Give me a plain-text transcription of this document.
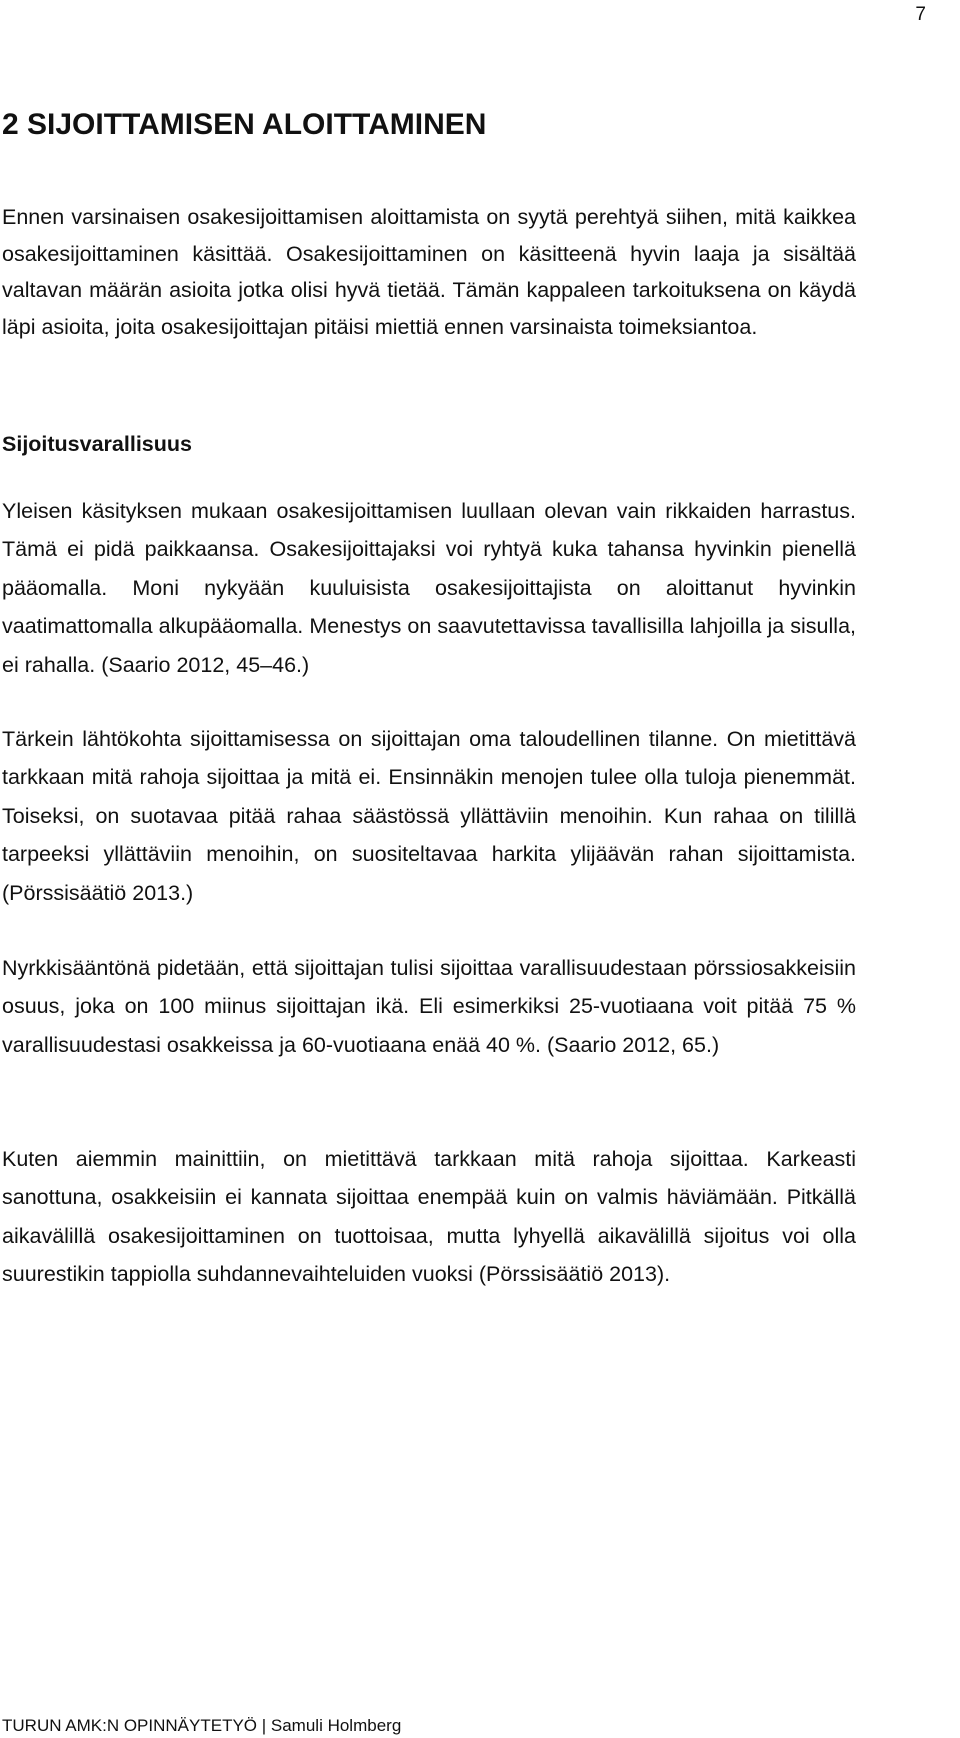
7
2 SIJOITTAMISEN ALOITTAMINEN

Ennen varsinaisen osakesijoittamisen aloittamista on syytä perehtyä siihen, mitä kaikkea osakesijoittaminen käsittää. Osakesijoittaminen on käsitteenä hyvin laaja ja sisältää valtavan määrän asioita jotka olisi hyvä tietää. Tämän kappaleen tarkoituksena on käydä läpi asioita, joita osakesijoittajan pitäisi miettiä ennen varsinaista toimeksiantoa.

Sijoitusvarallisuus

Yleisen käsityksen mukaan osakesijoittamisen luullaan olevan vain rikkaiden harrastus. Tämä ei pidä paikkaansa. Osakesijoittajaksi voi ryhtyä kuka tahansa hyvinkin pienellä pääomalla. Moni nykyään kuuluisista osakesijoittajista on aloittanut hyvinkin vaatimattomalla alkupääomalla. Menestys on saavutettavissa tavallisilla lahjoilla ja sisulla, ei rahalla. (Saario 2012, 45–46.)

Tärkein lähtökohta sijoittamisessa on sijoittajan oma taloudellinen tilanne. On mietittävä tarkkaan mitä rahoja sijoittaa ja mitä ei. Ensinnäkin menojen tulee olla tuloja pienemmät. Toiseksi, on suotavaa pitää rahaa säästössä yllättäviin menoihin. Kun rahaa on tilillä tarpeeksi yllättäviin menoihin, on suositeltavaa harkita ylijäävän rahan sijoittamista. (Pörssisäätiö 2013.)

Nyrkkisääntönä pidetään, että sijoittajan tulisi sijoittaa varallisuudestaan pörssiosakkeisiin osuus, joka on 100 miinus sijoittajan ikä. Eli esimerkiksi 25-vuotiaana voit pitää 75 % varallisuudestasi osakkeissa ja 60-vuotiaana enää 40 %. (Saario 2012, 65.)

Kuten aiemmin mainittiin, on mietittävä tarkkaan mitä rahoja sijoittaa. Karkeasti sanottuna, osakkeisiin ei kannata sijoittaa enempää kuin on valmis häviämään. Pitkällä aikavälillä osakesijoittaminen on tuottoisaa, mutta lyhyellä aikavälillä sijoitus voi olla suurestikin tappiolla suhdannevaihteluiden vuoksi (Pörssisäätiö 2013).

TURUN AMK:N OPINNÄYTETYÖ | Samuli Holmberg
